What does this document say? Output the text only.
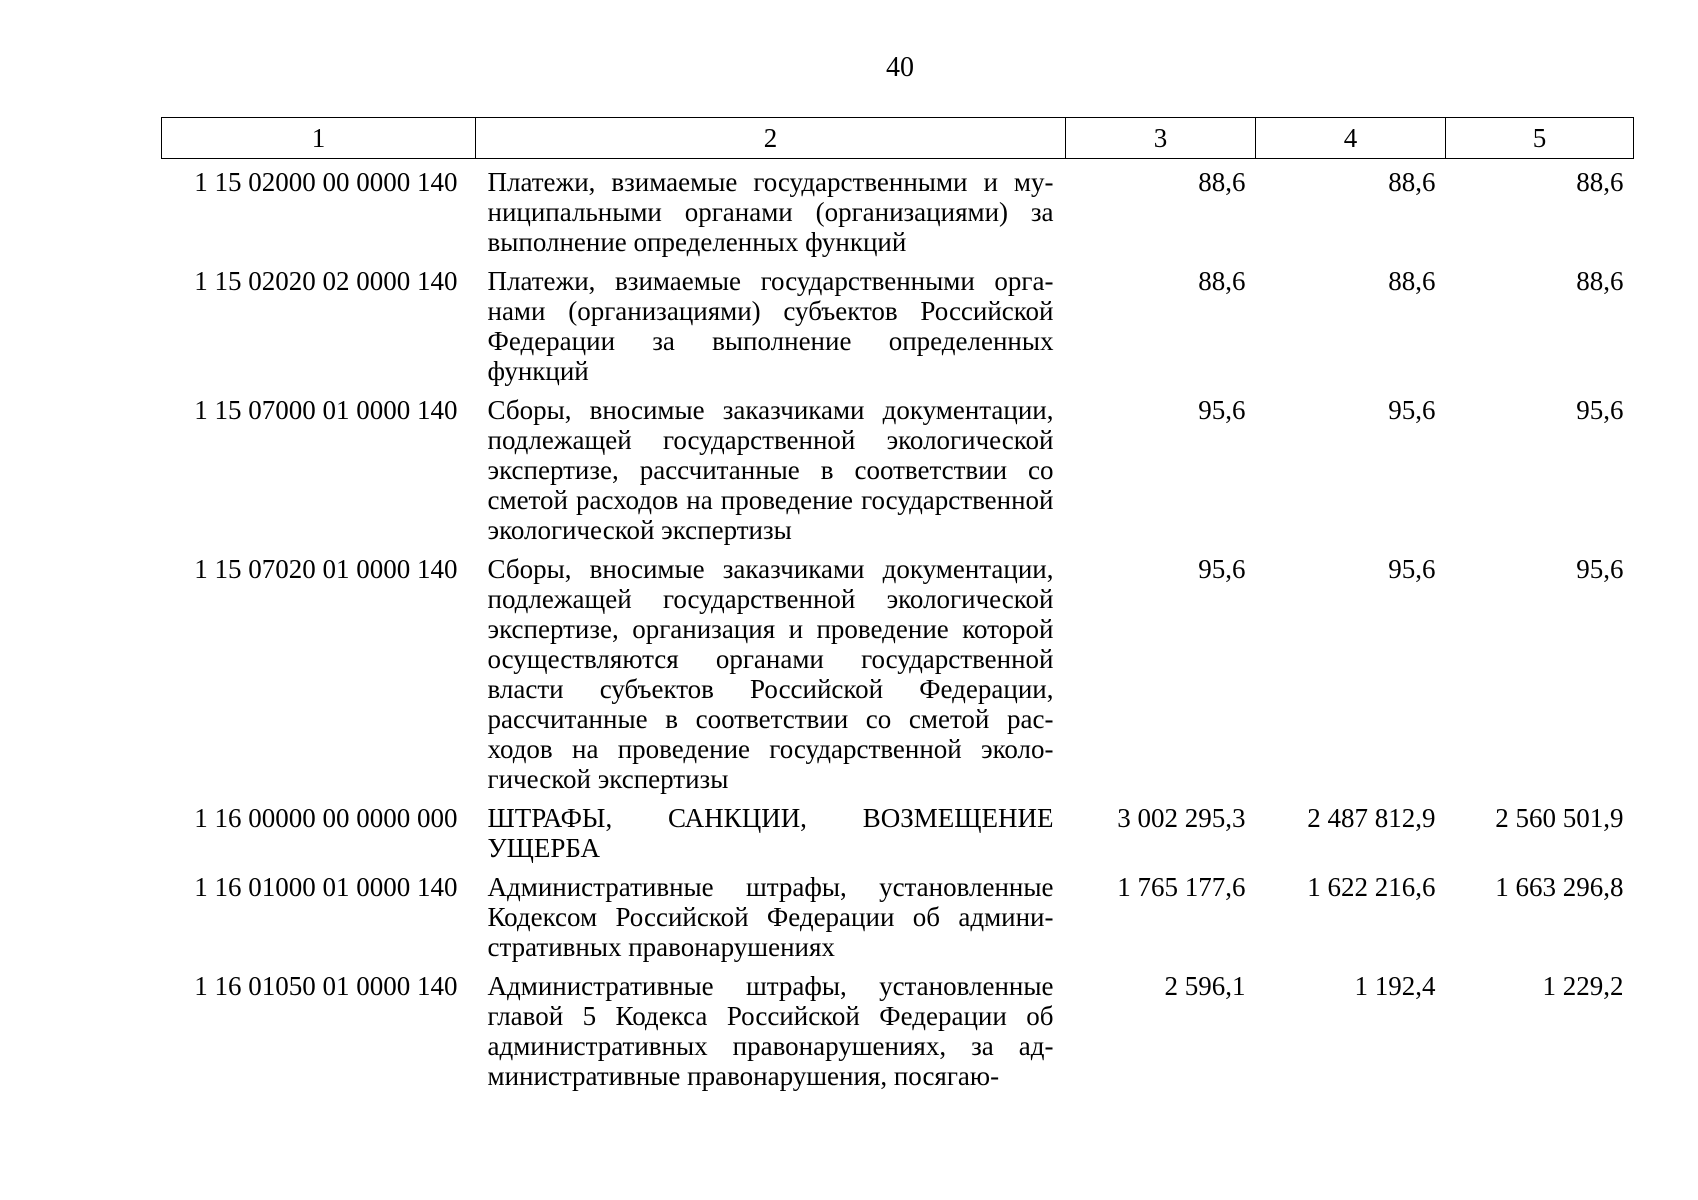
40
1	2	3	4	5
1 15 02000 00 0000 140	Платежи, взимаемые государственными и муниципальными органами (организациями) за выполнение определенных функций	88,6	88,6	88,6
1 15 02020 02 0000 140	Платежи, взимаемые государственными органами (организациями) субъектов Российской Федерации за выполнение определенных функций	88,6	88,6	88,6
1 15 07000 01 0000 140	Сборы, вносимые заказчиками документации, подлежащей государственной экологической экспертизе, рассчитанные в соответствии со сметой расходов на проведение государственной экологической экспертизы	95,6	95,6	95,6
1 15 07020 01 0000 140	Сборы, вносимые заказчиками документации, подлежащей государственной экологической экспертизе, организация и проведение которой осуществляются органами государственной власти субъектов Российской Федерации, рассчитанные в соответствии со сметой расходов на проведение государственной экологической экспертизы	95,6	95,6	95,6
1 16 00000 00 0000 000	ШТРАФЫ, САНКЦИИ, ВОЗМЕЩЕНИЕ УЩЕРБА	3 002 295,3	2 487 812,9	2 560 501,9
1 16 01000 01 0000 140	Административные штрафы, установленные Кодексом Российской Федерации об административных правонарушениях	1 765 177,6	1 622 216,6	1 663 296,8
1 16 01050 01 0000 140	Административные штрафы, установленные главой 5 Кодекса Российской Федерации об административных правонарушениях, за административные правонарушения, посягаю-	2 596,1	1 192,4	1 229,2
